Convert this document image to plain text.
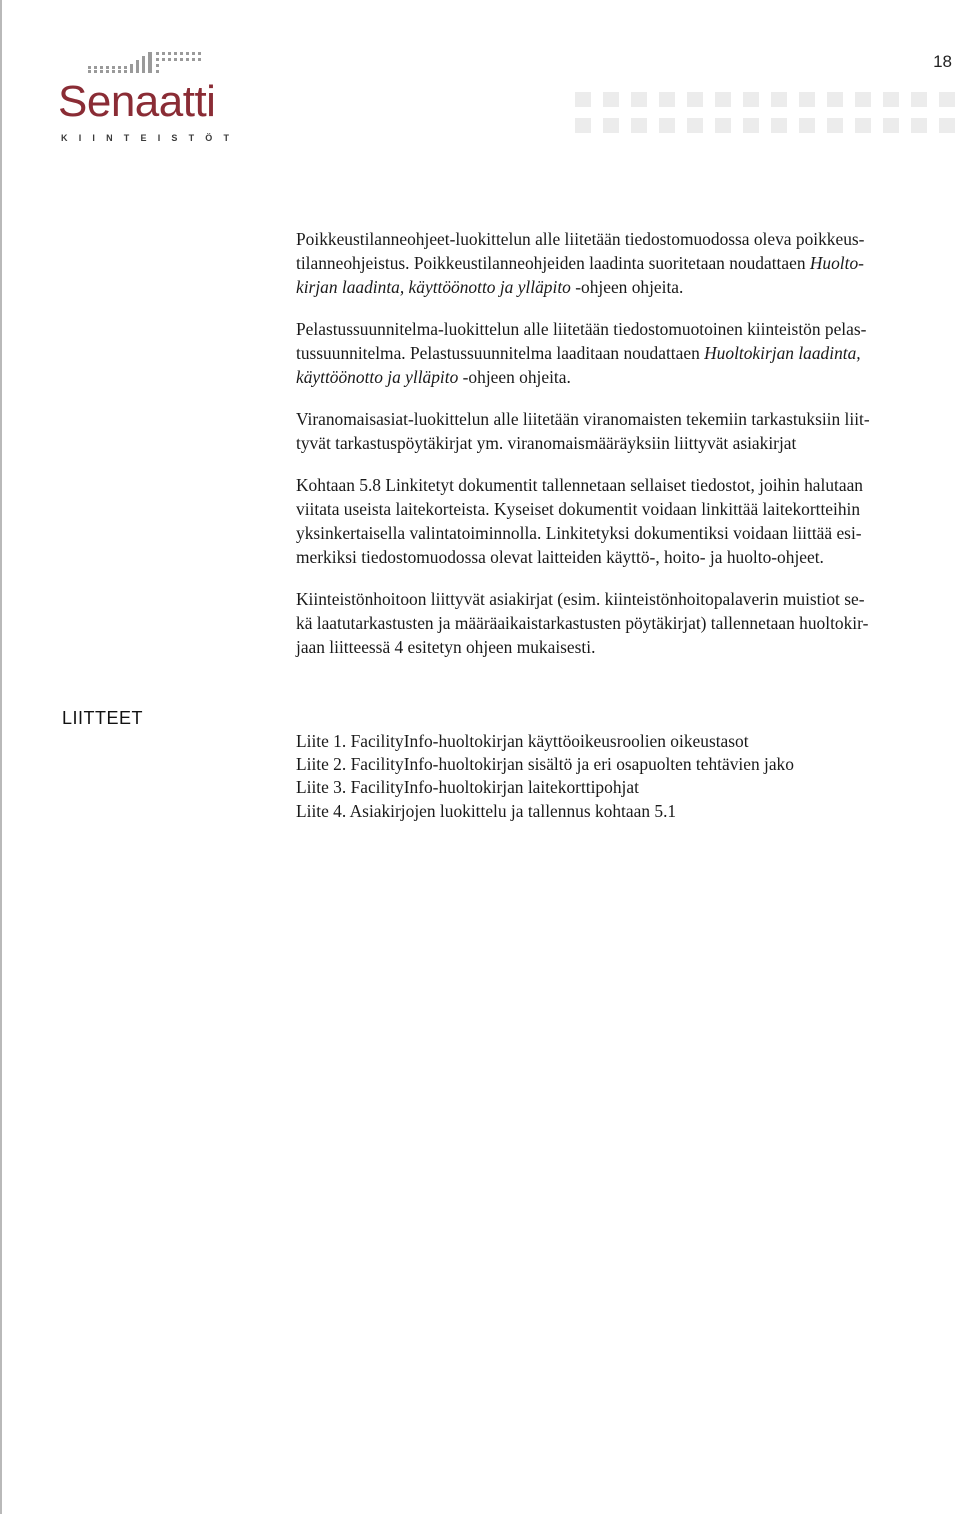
18
Senaatti
KIINTEISTÖT

Poikkeustilanneohjeet-luokittelun alle liitetään tiedostomuodossa oleva poikkeus-
tilanneohjeistus. Poikkeustilanneohjeiden laadinta suoritetaan noudattaen Huolto-
kirjan laadinta, käyttöönotto ja ylläpito -ohjeen ohjeita.

Pelastussuunnitelma-luokittelun alle liitetään tiedostomuotoinen kiinteistön pelas-
tussuunnitelma. Pelastussuunnitelma laaditaan noudattaen Huoltokirjan laadinta,
käyttöönotto ja ylläpito -ohjeen ohjeita.

Viranomaisasiat-luokittelun alle liitetään viranomaisten tekemiin tarkastuksiin liit-
tyvät tarkastuspöytäkirjat ym. viranomaismääräyksiin liittyvät asiakirjat

Kohtaan 5.8 Linkitetyt dokumentit tallennetaan sellaiset tiedostot, joihin halutaan
viitata useista laitekorteista. Kyseiset dokumentit voidaan linkittää laitekortteihin
yksinkertaisella valintatoiminnolla. Linkitetyksi dokumentiksi voidaan liittää esi-
merkiksi tiedostomuodossa olevat laitteiden käyttö-, hoito- ja huolto-ohjeet.

Kiinteistönhoitoon liittyvät asiakirjat (esim. kiinteistönhoitopalaverin muistiot se-
kä laatutarkastusten ja määräaikaistarkastusten pöytäkirjat) tallennetaan huoltokir-
jaan liitteessä 4 esitetyn ohjeen mukaisesti.

LIITTEET
Liite 1. FacilityInfo-huoltokirjan käyttöoikeusroolien oikeustasot
Liite 2. FacilityInfo-huoltokirjan sisältö ja eri osapuolten tehtävien jako
Liite 3. FacilityInfo-huoltokirjan laitekorttipohjat
Liite 4. Asiakirjojen luokittelu ja tallennus kohtaan 5.1
